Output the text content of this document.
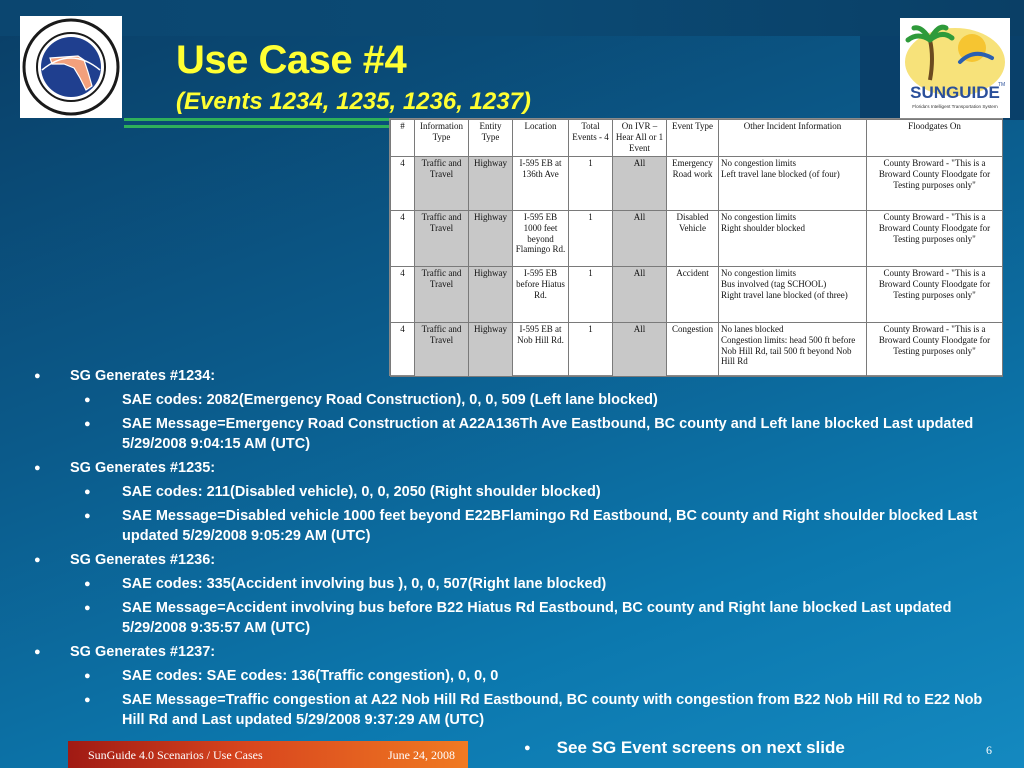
SUNGUIDE
TM
Florida's Intelligent Transportation System
Use Case #4
(Events 1234, 1235, 1236, 1237)
#	Information Type	Entity Type	Location	Total Events - 4	On IVR – Hear All or 1 Event	Event Type	Other Incident Information	Floodgates On
4	Traffic and Travel	Highway	I-595 EB at 136th Ave	1	All	Emergency Road work	No congestion limits
Left travel lane blocked (of four)	County Broward - "This is a Broward County Floodgate for Testing purposes only"
4	Traffic and Travel	Highway	I-595 EB 1000 feet beyond Flamingo Rd.	1	All	Disabled Vehicle	No congestion limits
Right shoulder blocked	County Broward - "This is a Broward County Floodgate for Testing purposes only"
4	Traffic and Travel	Highway	I-595 EB before Hiatus Rd.	1	All	Accident	No congestion limits
Bus involved (tag SCHOOL)
Right travel lane blocked (of three)	County Broward - "This is a Broward County Floodgate for Testing purposes only"
4	Traffic and Travel	Highway	I-595 EB at Nob Hill Rd.	1	All	Congestion	No lanes blocked
Congestion limits: head 500 ft before Nob Hill Rd, tail 500 ft beyond Nob Hill Rd	County Broward - "This is a Broward County Floodgate for Testing purposes only"
● SG Generates #1234:
● SAE codes: 2082(Emergency Road Construction), 0, 0, 509 (Left lane blocked)
● SAE Message=Emergency Road Construction at A22A136Th Ave Eastbound, BC county and Left lane blocked Last updated 5/29/2008 9:04:15 AM (UTC)
● SG Generates #1235:
● SAE codes: 211(Disabled vehicle), 0, 0, 2050 (Right shoulder blocked)
● SAE Message=Disabled vehicle 1000 feet beyond E22BFlamingo Rd Eastbound, BC county and Right shoulder blocked Last updated 5/29/2008 9:05:29 AM (UTC)
● SG Generates #1236:
● SAE codes: 335(Accident involving bus ), 0, 0, 507(Right lane blocked)
● SAE Message=Accident involving bus before B22 Hiatus Rd Eastbound, BC county and Right lane blocked Last updated 5/29/2008 9:35:57 AM (UTC)
● SG Generates #1237:
● SAE codes: SAE codes: 136(Traffic congestion), 0, 0, 0
● SAE Message=Traffic congestion at A22 Nob Hill Rd Eastbound, BC county with congestion from B22 Nob Hill Rd to E22 Nob Hill Rd and Last updated 5/29/2008 9:37:29 AM (UTC)
SunGuide 4.0 Scenarios / Use Cases	June 24, 2008	● See SG Event screens on next slide	6
